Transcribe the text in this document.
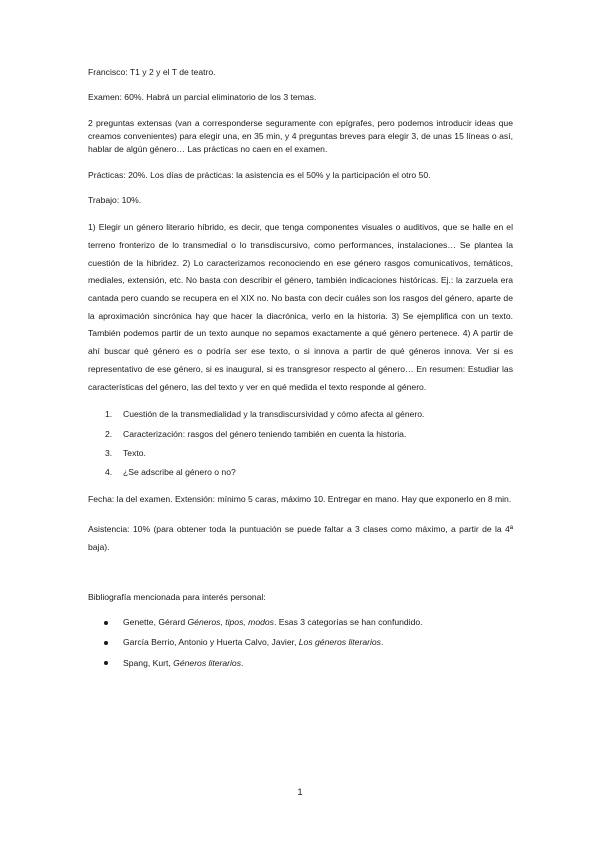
Francisco: T1 y 2 y el T de teatro.

Examen: 60%. Habrá un parcial eliminatorio de los 3 temas.

2 preguntas extensas (van a corresponderse seguramente con epígrafes, pero podemos introducir ideas que creamos convenientes) para elegir una, en 35 min, y 4 preguntas breves para elegir 3, de unas 15 líneas o así, hablar de algún género… Las prácticas no caen en el examen.

Prácticas: 20%. Los días de prácticas: la asistencia es el 50% y la participación el otro 50.

Trabajo: 10%.

1) Elegir un género literario híbrido, es decir, que tenga componentes visuales o auditivos, que se halle en el terreno fronterizo de lo transmedial o lo transdiscursivo, como performances, instalaciones… Se plantea la cuestión de la hibridez. 2) Lo caracterizamos reconociendo en ese género rasgos comunicativos, temáticos, mediales, extensión, etc. No basta con describir el género, también indicaciones históricas. Ej.: la zarzuela era cantada pero cuando se recupera en el XIX no. No basta con decir cuáles son los rasgos del género, aparte de la aproximación sincrónica hay que hacer la diacrónica, verlo en la historia. 3) Se ejemplifica con un texto. También podemos partir de un texto aunque no sepamos exactamente a qué género pertenece. 4) A partir de ahí buscar qué género es o podría ser ese texto, o si innova a partir de qué géneros innova. Ver si es representativo de ese género, si es inaugural, si es transgresor respecto al género… En resumen: Estudiar las características del género, las del texto y ver en qué medida el texto responde al género.

1.	Cuestión de la transmedialidad y la transdiscursividad y cómo afecta al género.
2.	Caracterización: rasgos del género teniendo también en cuenta la historia.
3.	Texto.
4.	¿Se adscribe al género o no?

Fecha: la del examen. Extensión: mínimo 5 caras, máximo 10. Entregar en mano. Hay que exponerlo en 8 min.

Asistencia: 10% (para obtener toda la puntuación se puede faltar a 3 clases como máximo, a partir de la 4ª baja).

Bibliografía mencionada para interés personal:

Genette, Gérard Géneros, tipos, modos. Esas 3 categorías se han confundido.
García Berrio, Antonio y Huerta Calvo, Javier, Los géneros literarios.
Spang, Kurt, Géneros literarios.
1
